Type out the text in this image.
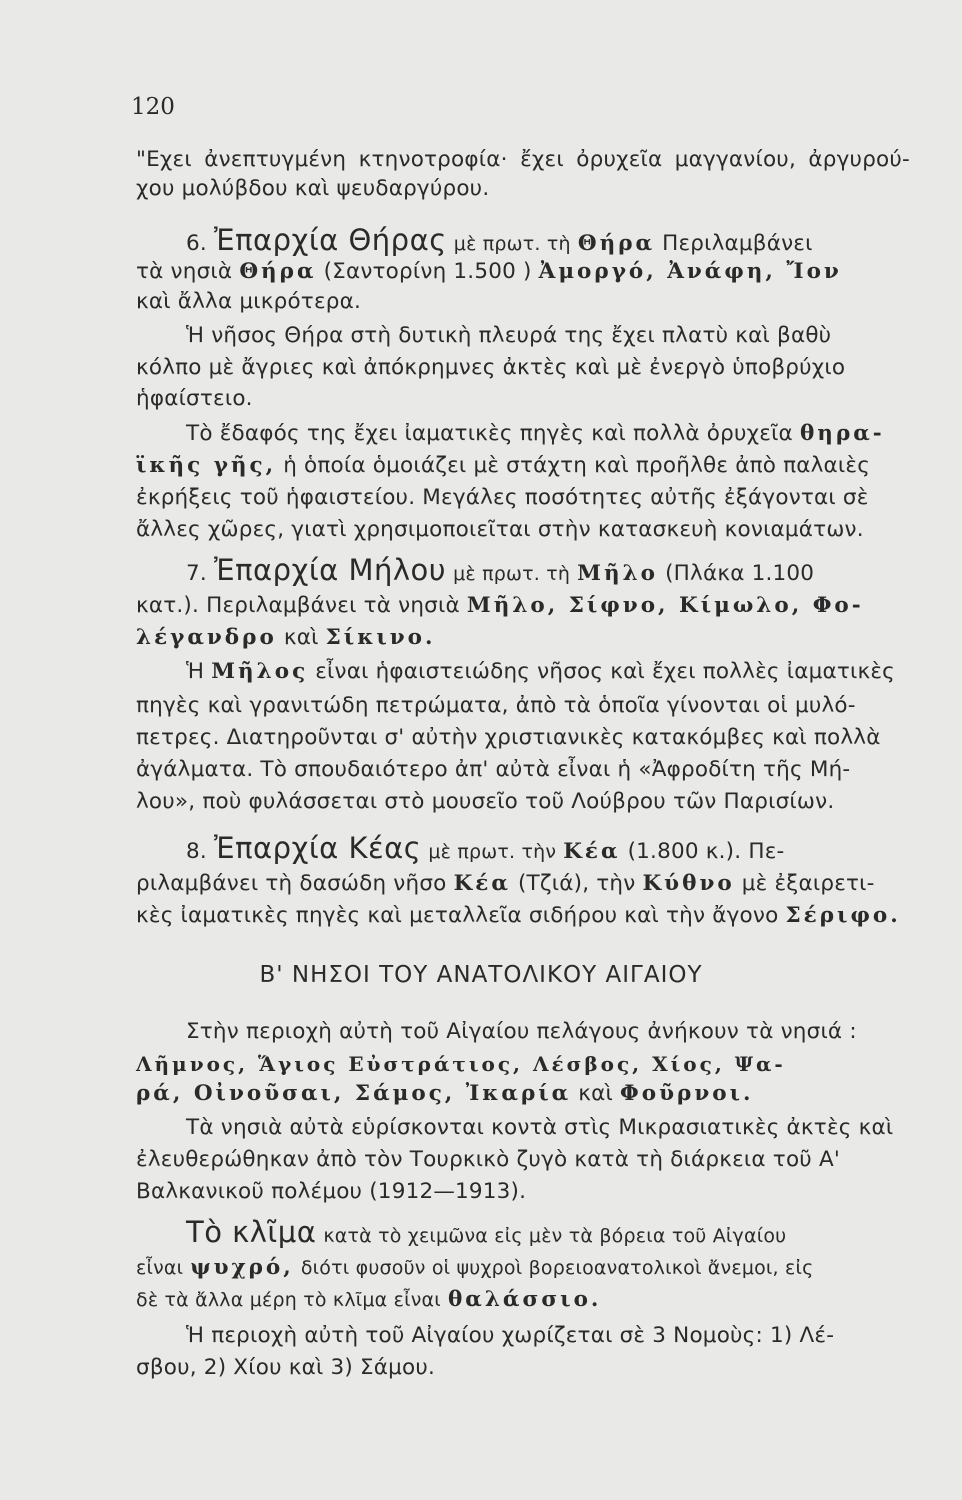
120
"Εχει ἀνεπτυγμένη κτηνοτροφία· ἔχει ὀρυχεῖα μαγγανίου, ἀργυρού-
χου μολύβδου καὶ ψευδαργύρου.
6. Ἐπαρχία Θήρας μὲ πρωτ. τὴ Θήρα Περιλαμβάνει
τὰ νησιὰ Θήρα (Σαντορίνη 1.500 ) Ἀμοργό, Ἀνάφη, Ἴον
καὶ ἄλλα μικρότερα.
Ἡ νῆσος Θήρα στὴ δυτικὴ πλευρά της ἔχει πλατὺ καὶ βαθὺ
κόλπο μὲ ἄγριες καὶ ἀπόκρημνες ἀκτὲς καὶ μὲ ἐνεργὸ ὑποβρύχιο
ἡφαίστειο.
Τὸ ἔδαφός της ἔχει ἰαματικὲς πηγὲς καὶ πολλὰ ὀρυχεῖα θηρα-
ϊκῆς γῆς, ἡ ὁποία ὁμοιάζει μὲ στάχτη καὶ προῆλθε ἀπὸ παλαιὲς
ἐκρήξεις τοῦ ἡφαιστείου. Μεγάλες ποσότητες αὐτῆς ἐξάγονται σὲ
ἄλλες χῶρες, γιατὶ χρησιμοποιεῖται στὴν κατασκευὴ κονιαμάτων.
7. Ἐπαρχία Μήλου μὲ πρωτ. τὴ Μῆλο (Πλάκα 1.100
κατ.). Περιλαμβάνει τὰ νησιὰ Μῆλο, Σίφνο, Κίμωλο, Φο-
λέγανδρο καὶ Σίκινο.
Ἡ Μῆλος εἶναι ἡφαιστειώδης νῆσος καὶ ἔχει πολλὲς ἰαματικὲς
πηγὲς καὶ γρανιτώδη πετρώματα, ἀπὸ τὰ ὁποῖα γίνονται οἱ μυλό-
πετρες. Διατηροῦνται σ' αὐτὴν χριστιανικὲς κατακόμβες καὶ πολλὰ
ἀγάλματα. Τὸ σπουδαιότερο ἀπ' αὐτὰ εἶναι ἡ «Ἀφροδίτη τῆς Μή-
λου», ποὺ φυλάσσεται στὸ μουσεῖο τοῦ Λούβρου τῶν Παρισίων.
8. Ἐπαρχία Κέας μὲ πρωτ. τὴν Κέα (1.800 κ.). Πε-
ριλαμβάνει τὴ δασώδη νῆσο Κέα (Τζιά), τὴν Κύθνο μὲ ἐξαιρετι-
κὲς ἰαματικὲς πηγὲς καὶ μεταλλεῖα σιδήρου καὶ τὴν ἄγονο Σέριφο.
Β' ΝΗΣΟΙ ΤΟΥ ΑΝΑΤΟΛΙΚΟΥ ΑΙΓΑΙΟΥ
Στὴν περιοχὴ αὐτὴ τοῦ Αἰγαίου πελάγους ἀνήκουν τὰ νησιά :
Λῆμνος, Ἅγιος Εὐστράτιος, Λέσβος, Χίος, Ψα-
ρά, Οἰνοῦσαι, Σάμος, Ἰκαρία καὶ Φοῦρνοι.
Τὰ νησιὰ αὐτὰ εὑρίσκονται κοντὰ στὶς Μικρασιατικὲς ἀκτὲς καὶ
ἐλευθερώθηκαν ἀπὸ τὸν Τουρκικὸ ζυγὸ κατὰ τὴ διάρκεια τοῦ Α'
Βαλκανικοῦ πολέμου (1912—1913).
Τὸ κλῖμα κατὰ τὸ χειμῶνα εἰς μὲν τὰ βόρεια τοῦ Αἰγαίου
εἶναι ψυχρό, διότι φυσοῦν οἱ ψυχροὶ βορειοανατολικοὶ ἄνεμοι, εἰς
δὲ τὰ ἄλλα μέρη τὸ κλῖμα εἶναι θαλάσσιο.
Ἡ περιοχὴ αὐτὴ τοῦ Αἰγαίου χωρίζεται σὲ 3 Νομοὺς: 1) Λέ-
σβου, 2) Χίου καὶ 3) Σάμου.
